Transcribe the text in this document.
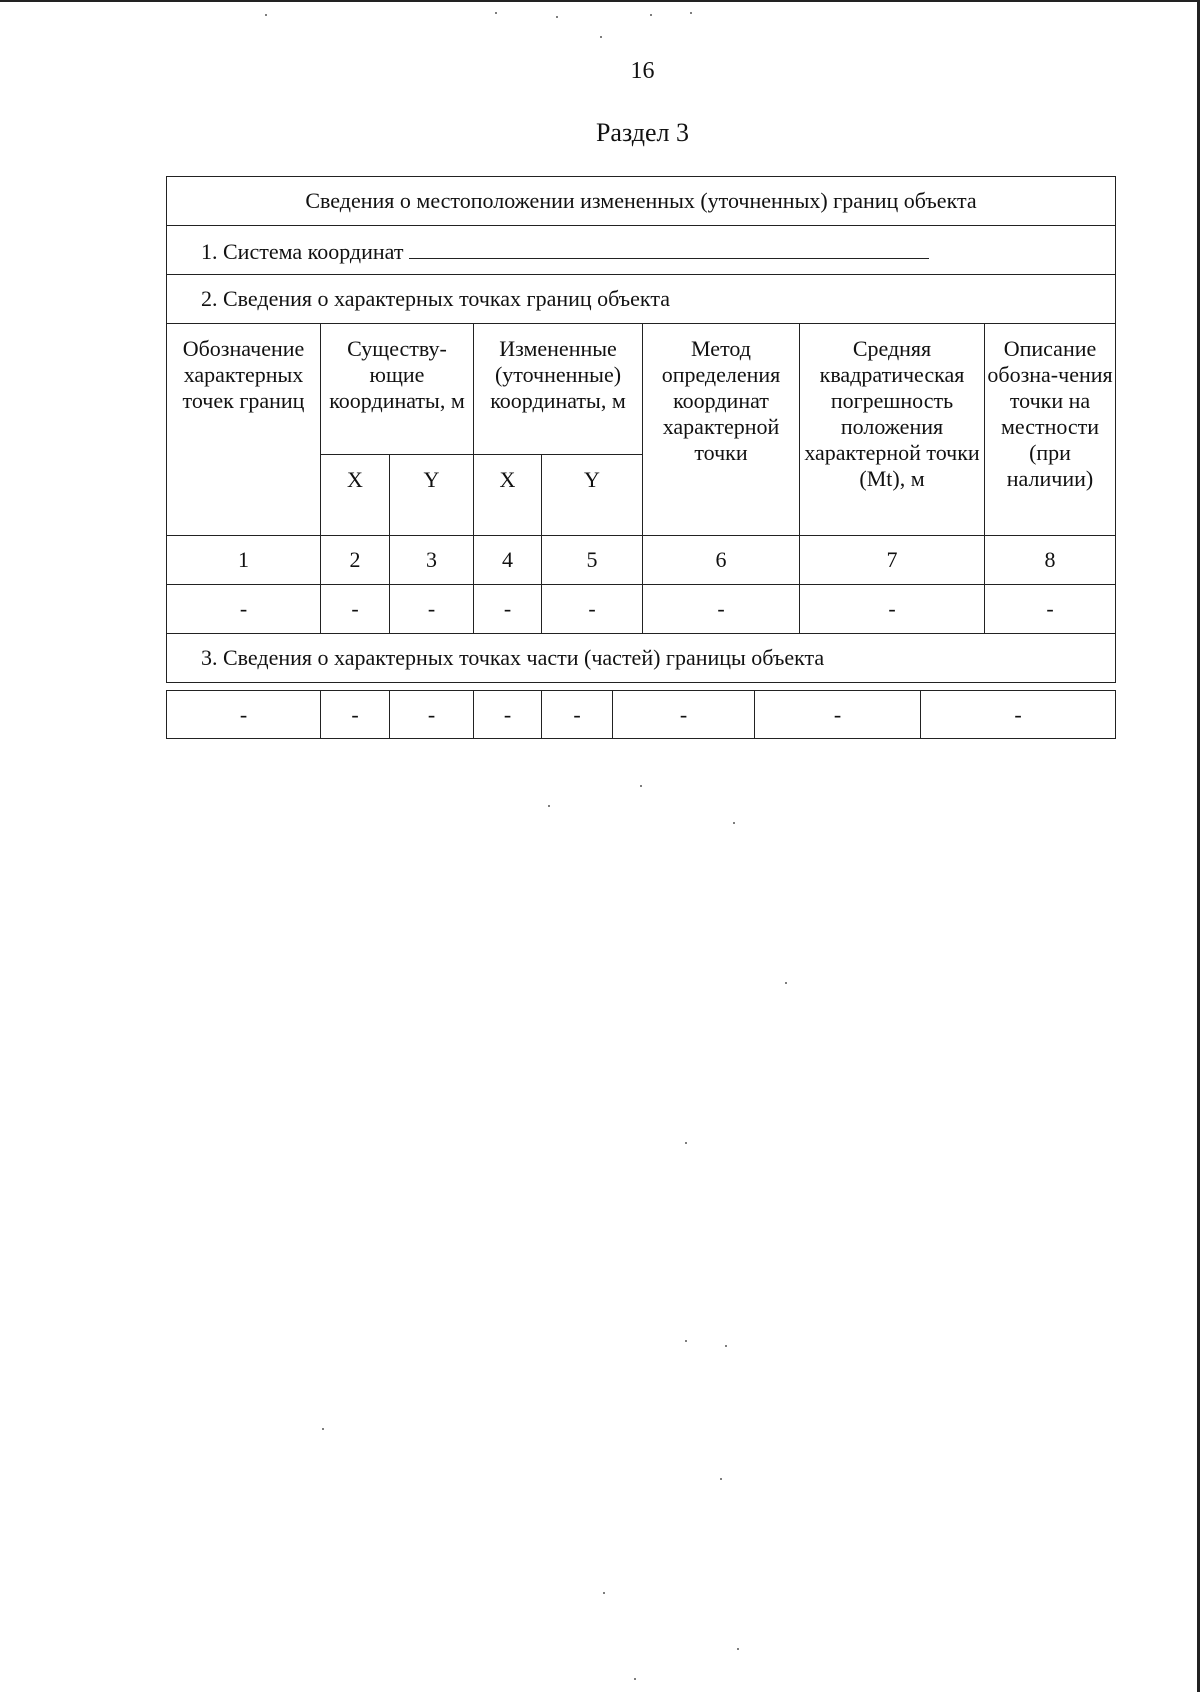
16
Раздел 3
Сведения о местоположении измененных (уточненных) границ объекта							
1. Система координат							
2. Сведения о характерных точках границ объекта							
Обозначение характерных точек границ	Существу-ющие координаты, м		Измененные (уточненные) координаты, м		Метод определения координат характерной точки	Средняя квадратическая погрешность положения характерной точки (Mt), м	Описание обозна-чения точки на местности (при наличии)
	X	Y	X	Y			
1	2	3	4	5	6	7	8
-	-	-	-	-	-	-	-
3. Сведения о характерных точках части (частей) границы объекта							
-	-	-	-	-	-	-	-
